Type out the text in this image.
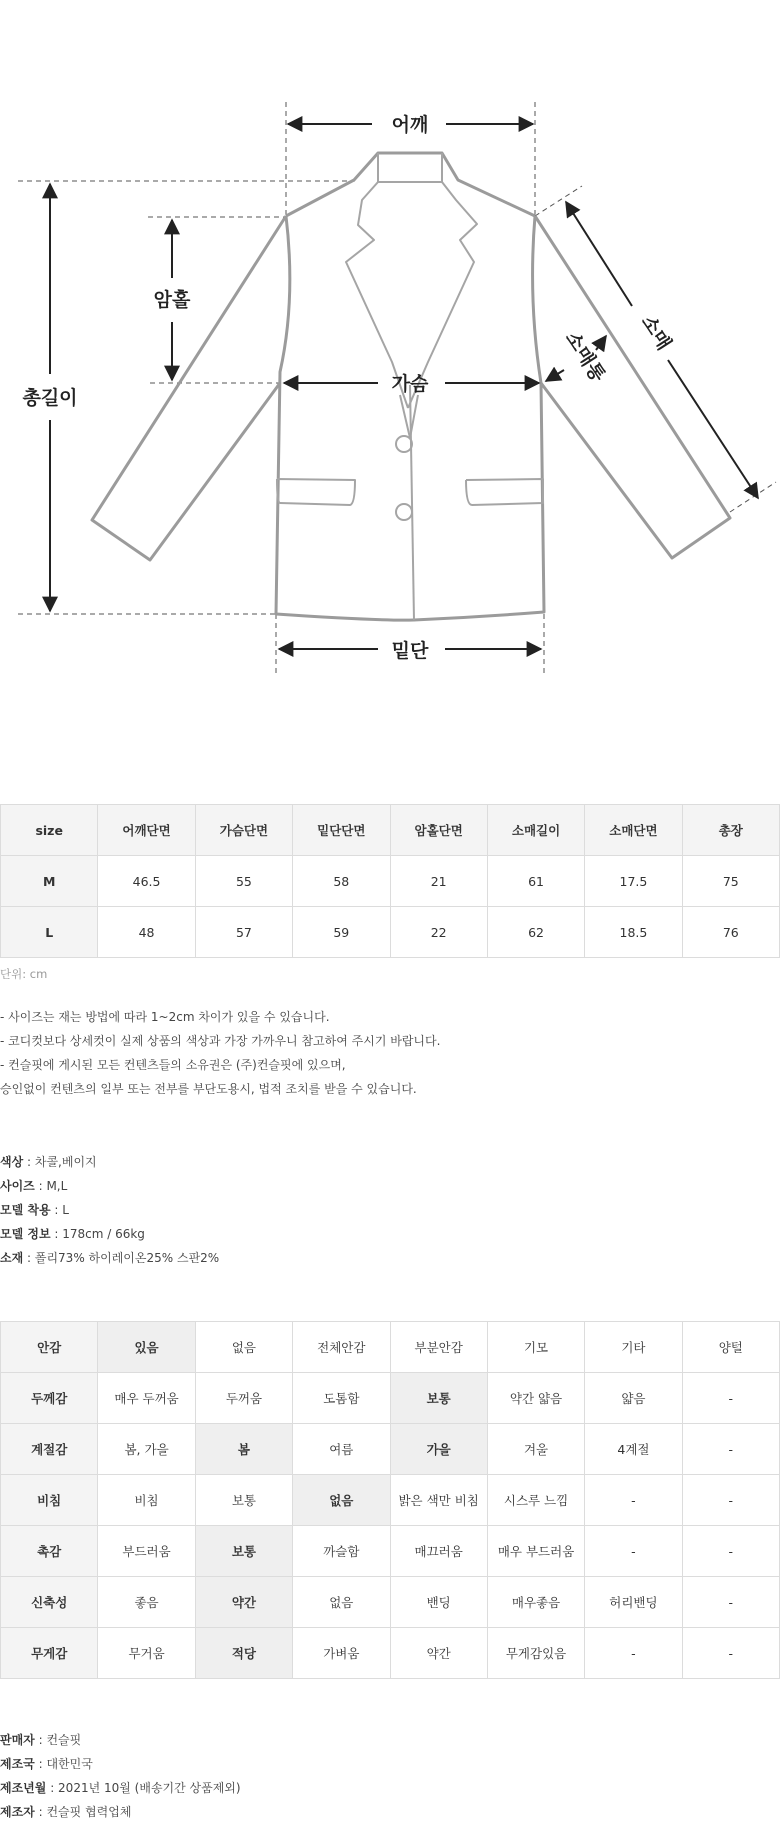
어깨
암홀
총길이
가슴
밑단
소매
소매통
size	어깨단면	가슴단면	밑단단면	암홀단면	소매길이	소매단면	총장
M	46.5	55	58	21	61	17.5	75
L	48	57	59	22	62	18.5	76
단위: cm
- 사이즈는 재는 방법에 따라 1~2cm 차이가 있을 수 있습니다.
- 코디컷보다 상세컷이 실제 상품의 색상과 가장 가까우니 참고하여 주시기 바랍니다.
- 컨슬핏에 게시된 모든 컨텐츠들의 소유권은 (주)컨슬핏에 있으며,
승인없이 컨텐츠의 일부 또는 전부를 부단도용시, 법적 조치를 받을 수 있습니다.
색상 : 차콜,베이지
사이즈 : M,L
모델 착용 : L
모델 정보 : 178cm / 66kg
소재 : 폴리73% 하이레이온25% 스판2%
안감	있음	없음	전체안감	부분안감	기모	기타	양털
두께감	매우 두꺼움	두꺼움	도톰함	보통	약간 얇음	얇음	-
계절감	봄, 가을	봄	여름	가을	겨울	4계절	-
비침	비침	보통	없음	밝은 색만 비침	시스루 느낌	-	-
촉감	부드러움	보통	까슬함	매끄러움	매우 부드러움	-	-
신축성	좋음	약간	없음	밴딩	매우좋음	허리밴딩	-
무게감	무거움	적당	가벼움	약간	무게감있음	-	-
판매자 : 컨슬핏
제조국 : 대한민국
제조년월 : 2021년 10월 (배송기간 상품제외)
제조자 : 컨슬핏 협력업체
